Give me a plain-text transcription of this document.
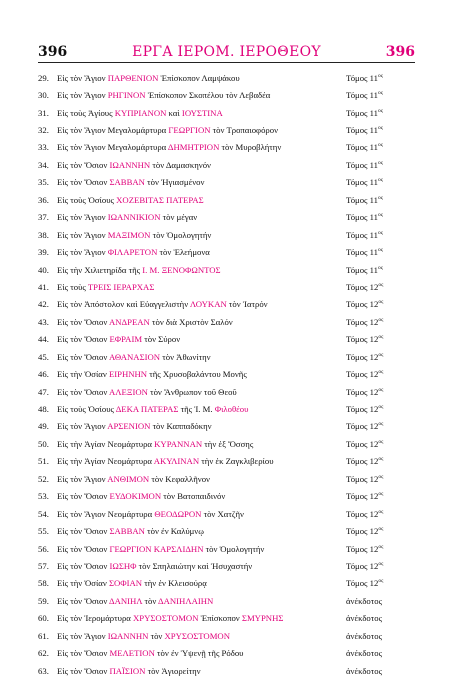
396	ΕΡΓΑ ΙΕΡΟΜ. ΙΕΡΟΘΕΟΥ	396
29. Εἰς τὸν Ἅγιον ΠΑΡΘΕΝΙΟΝ Ἐπίσκοπον Λαμψάκου	Τόμος $11^{o\varsigma}$
30. Εἰς τὸν Ἅγιον ΡΗΓΙΝΟΝ Ἐπίσκοπον Σκοπέλου τὸν Λεβαδέα	Τόμος $11^{o\varsigma}$
31. Εἰς τοὺς Ἁγίους ΚΥΠΡΙΑΝΟΝ καὶ ΙΟΥΣΤΙΝΑ	Τόμος $11^{o\varsigma}$
32. Εἰς τὸν Ἅγιον Μεγαλομάρτυρα ΓΕΩΡΓΙΟΝ τὸν Τροπαιοφόρον	Τόμος $11^{o\varsigma}$
33. Εἰς τὸν Ἅγιον Μεγαλομάρτυρα ΔΗΜΗΤΡΙΟΝ τὸν Μυροβλήτην	Τόμος $11^{o\varsigma}$
34. Εἰς τὸν Ὅσιον ΙΩΑΝΝΗΝ τὸν Δαμασκηνόν	Τόμος $11^{o\varsigma}$
35. Εἰς τὸν Ὅσιον ΣΑΒΒΑΝ τὸν Ἡγιασμένον	Τόμος $11^{o\varsigma}$
36. Εἰς τοὺς Ὁσίους ΧΟΖΕΒΙΤΑΣ ΠΑΤΕΡΑΣ	Τόμος $11^{o\varsigma}$
37. Εἰς τὸν Ἅγιον ΙΩΑΝΝΙΚΙΟΝ τὸν μέγαν	Τόμος $11^{o\varsigma}$
38. Εἰς τὸν Ἅγιον ΜΑΞΙΜΟΝ τὸν Ὁμολογητήν	Τόμος $11^{o\varsigma}$
39. Εἰς τὸν Ἅγιον ΦΙΛΑΡΕΤΟΝ τὸν Ἐλεήμονα	Τόμος $11^{o\varsigma}$
40. Εἰς τὴν Χιλιετηρίδα τῆς Ι. Μ. ΞΕΝΟΦΩΝΤΟΣ	Τόμος $11^{o\varsigma}$
41. Εἰς τοὺς ΤΡΕΙΣ ΙΕΡΑΡΧΑΣ	Τόμος $12^{o\varsigma}$
42. Εἰς τὸν Ἀπόστολον καὶ Εὐαγγελιστὴν ΛΟΥΚΑΝ τὸν Ἰατρόν	Τόμος $12^{o\varsigma}$
43. Εἰς τὸν Ὅσιον ΑΝΔΡΕΑΝ τὸν διὰ Χριστὸν Σαλόν	Τόμος $12^{o\varsigma}$
44. Εἰς τὸν Ὅσιον ΕΦΡΑΙΜ τὸν Σύρον	Τόμος $12^{o\varsigma}$
45. Εἰς τὸν Ὅσιον ΑΘΑΝΑΣΙΟΝ τὸν Ἀθωνίτην	Τόμος $12^{o\varsigma}$
46. Εἰς τὴν Ὁσίαν ΕΙΡΗΝΗΝ τῆς Χρυσοβαλάντου Μονῆς	Τόμος $12^{o\varsigma}$
47. Εἰς τὸν Ὅσιον ΑΛΕΞΙΟΝ τὸν Ἄνθρωπον τοῦ Θεοῦ	Τόμος $12^{o\varsigma}$
48. Εἰς τοὺς Ὁσίους ΔΕΚΑ ΠΑΤΕΡΑΣ τῆς Ἱ. Μ. Φιλοθέου	Τόμος $12^{o\varsigma}$
49. Εἰς τὸν Ἅγιον ΑΡΣΕΝΙΟΝ τὸν Καππαδόκην	Τόμος $12^{o\varsigma}$
50. Εἰς τὴν Ἁγίαν Νεομάρτυρα ΚΥΡΑΝΝΑΝ τὴν ἐξ Ὄσσης	Τόμος $12^{o\varsigma}$
51. Εἰς τὴν Ἁγίαν Νεομάρτυρα ΑΚΥΛΙΝΑΝ τὴν ἐκ Ζαγκλιβερίου	Τόμος $12^{o\varsigma}$
52. Εἰς τὸν Ἅγιον ΑΝΘΙΜΟΝ τὸν Κεφαλλῆνον	Τόμος $12^{o\varsigma}$
53. Εἰς τὸν Ὅσιον ΕΥΔΟΚΙΜΟΝ τὸν Βατοπαιδινόν	Τόμος $12^{o\varsigma}$
54. Εἰς τὸν Ἅγιον Νεομάρτυρα ΘΕΟΔΩΡΟΝ τὸν Χατζῆν	Τόμος $12^{o\varsigma}$
55. Εἰς τὸν Ὅσιον ΣΑΒΒΑΝ τὸν ἐν Καλύμνῳ	Τόμος $12^{o\varsigma}$
56. Εἰς τὸν Ὅσιον ΓΕΩΡΓΙΟΝ ΚΑΡΣΛΙΔΗΝ τὸν Ὁμολογητήν	Τόμος $12^{o\varsigma}$
57. Εἰς τὸν Ὅσιον ΙΩΣΗΦ τὸν Σπηλαιώτην καὶ Ἡσυχαστήν	Τόμος $12^{o\varsigma}$
58. Εἰς τὴν Ὁσίαν ΣΟΦΙΑΝ τὴν ἐν Κλεισούρᾳ	Τόμος $12^{o\varsigma}$
59. Εἰς τὸν Ὅσιον ΔΑΝΙΗΛ τὸν ΔΑΝΙΗΛΑΙΗΝ	ἀνέκδοτος
60. Εἰς τὸν Ἱερομάρτυρα ΧΡΥΣΟΣΤΟΜΟΝ Ἐπίσκοπον ΣΜΥΡΝΗΣ	ἀνέκδοτος
61. Εἰς τὸν Ἅγιον ΙΩΑΝΝΗΝ τὸν ΧΡΥΣΟΣΤΟΜΟΝ	ἀνέκδοτος
62. Εἰς τὸν Ὅσιον ΜΕΛΕΤΙΟΝ τὸν ἐν Ὑψενῇ τῆς Ρόδου	ἀνέκδοτος
63. Εἰς τὸν Ὅσιον ΠΑΪΣΙΟΝ τὸν Ἁγιορείτην	ἀνέκδοτος
